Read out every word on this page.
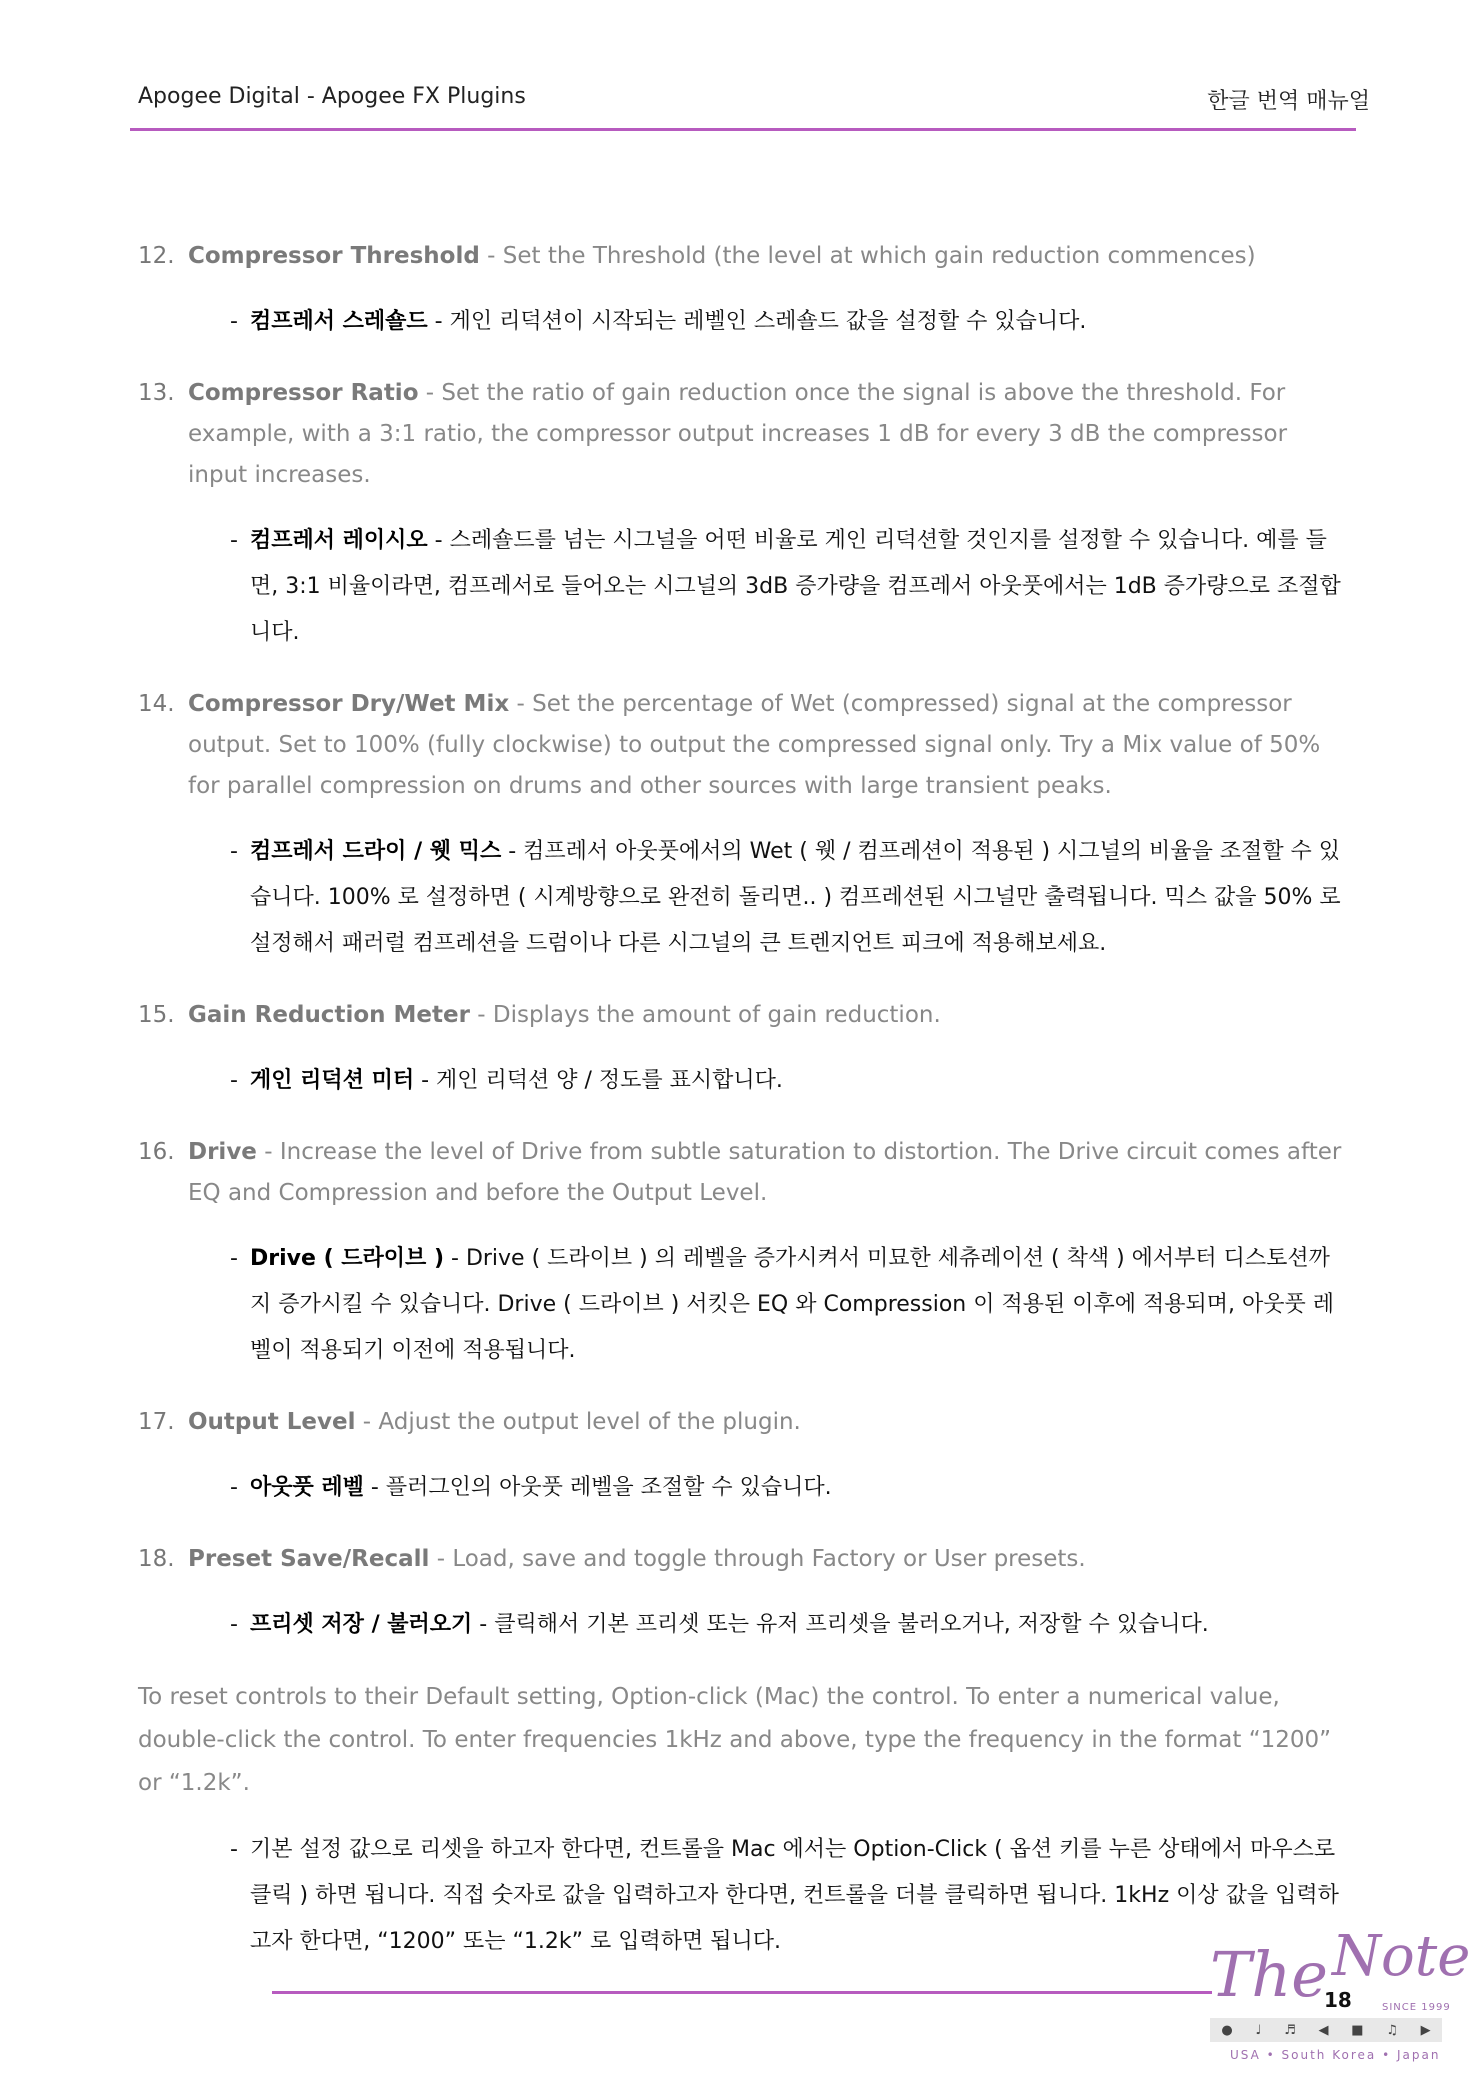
Apogee Digital - Apogee FX Plugins	한글 번역 매뉴얼
12. Compressor Threshold - Set the Threshold (the level at which gain reduction commences)
- 컴프레서 스레숄드 - 게인 리덕션이 시작되는 레벨인 스레숄드 값을 설정할 수 있습니다.
13. Compressor Ratio - Set the ratio of gain reduction once the signal is above the threshold. For example, with a 3:1 ratio, the compressor output increases 1 dB for every 3 dB the compressor input increases.
- 컴프레서 레이시오 - 스레숄드를 넘는 시그널을 어떤 비율로 게인 리덕션할 것인지를 설정할 수 있습니다. 예를 들면, 3:1 비율이라면, 컴프레서로 들어오는 시그널의 3dB 증가량을 컴프레서 아웃풋에서는 1dB 증가량으로 조절합니다.
14. Compressor Dry/Wet Mix - Set the percentage of Wet (compressed) signal at the compressor output. Set to 100% (fully clockwise) to output the compressed signal only. Try a Mix value of 50% for parallel compression on drums and other sources with large transient peaks.
- 컴프레서 드라이 / 웻 믹스 - 컴프레서 아웃풋에서의 Wet ( 웻 / 컴프레션이 적용된 ) 시그널의 비율을 조절할 수 있습니다. 100% 로 설정하면 ( 시계방향으로 완전히 돌리면.. ) 컴프레션된 시그널만 출력됩니다. 믹스 값을 50% 로 설정해서 패러럴 컴프레션을 드럼이나 다른 시그널의 큰 트렌지언트 피크에 적용해보세요.
15. Gain Reduction Meter - Displays the amount of gain reduction.
- 게인 리덕션 미터 - 게인 리덕션 양 / 정도를 표시합니다.
16. Drive - Increase the level of Drive from subtle saturation to distortion. The Drive circuit comes after EQ and Compression and before the Output Level.
- Drive ( 드라이브 ) - Drive ( 드라이브 ) 의 레벨을 증가시켜서 미묘한 세츄레이션 ( 착색 ) 에서부터 디스토션까지 증가시킬 수 있습니다. Drive ( 드라이브 ) 서킷은 EQ 와 Compression 이 적용된 이후에 적용되며, 아웃풋 레벨이 적용되기 이전에 적용됩니다.
17. Output Level - Adjust the output level of the plugin.
- 아웃풋 레벨 - 플러그인의 아웃풋 레벨을 조절할 수 있습니다.
18. Preset Save/Recall - Load, save and toggle through Factory or User presets.
- 프리셋 저장 / 불러오기 - 클릭해서 기본 프리셋 또는 유저 프리셋을 불러오거나, 저장할 수 있습니다.
To reset controls to their Default setting, Option-click (Mac) the control. To enter a numerical value, double-click the control. To enter frequencies 1kHz and above, type the frequency in the format “1200” or “1.2k”.
- 기본 설정 값으로 리셋을 하고자 한다면, 컨트롤을 Mac 에서는 Option-Click ( 옵션 키를 누른 상태에서 마우스로 클릭 ) 하면 됩니다. 직접 숫자로 값을 입력하고자 한다면, 컨트롤을 더블 클릭하면 됩니다. 1kHz 이상 값을 입력하고자 한다면, “1200” 또는 “1.2k” 로 입력하면 됩니다.	The Note
18	SINCE 1999
● ♩ ♬ ◀ ■ ♫ ▶
USA • South Korea • Japan
